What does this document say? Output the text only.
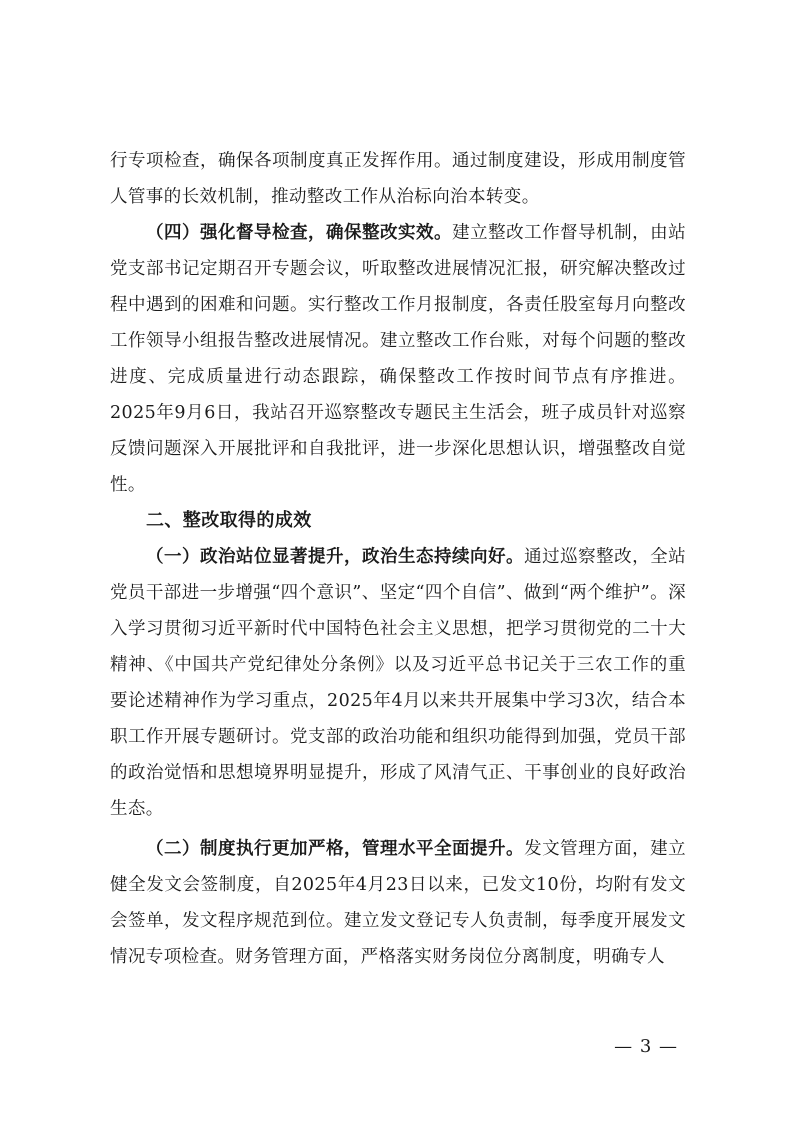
行专项检查，确保各项制度真正发挥作用。通过制度建设，形成用制度管人管事的长效机制，推动整改工作从治标向治本转变。

（四）强化督导检查，确保整改实效。建立整改工作督导机制，由站党支部书记定期召开专题会议，听取整改进展情况汇报，研究解决整改过程中遇到的困难和问题。实行整改工作月报制度，各责任股室每月向整改工作领导小组报告整改进展情况。建立整改工作台账，对每个问题的整改进度、完成质量进行动态跟踪，确保整改工作按时间节点有序推进。2025年9月6日，我站召开巡察整改专题民主生活会，班子成员针对巡察反馈问题深入开展批评和自我批评，进一步深化思想认识，增强整改自觉性。

二、整改取得的成效

（一）政治站位显著提升，政治生态持续向好。通过巡察整改，全站党员干部进一步增强“四个意识”、坚定“四个自信”、做到“两个维护”。深入学习贯彻习近平新时代中国特色社会主义思想，把学习贯彻党的二十大精神、《中国共产党纪律处分条例》以及习近平总书记关于三农工作的重要论述精神作为学习重点，2025年4月以来共开展集中学习3次，结合本职工作开展专题研讨。党支部的政治功能和组织功能得到加强，党员干部的政治觉悟和思想境界明显提升，形成了风清气正、干事创业的良好政治生态。

（二）制度执行更加严格，管理水平全面提升。发文管理方面，建立健全发文会签制度，自2025年4月23日以来，已发文10份，均附有发文会签单，发文程序规范到位。建立发文登记专人负责制，每季度开展发文情况专项检查。财务管理方面，严格落实财务岗位分离制度，明确专人

— 3 —
